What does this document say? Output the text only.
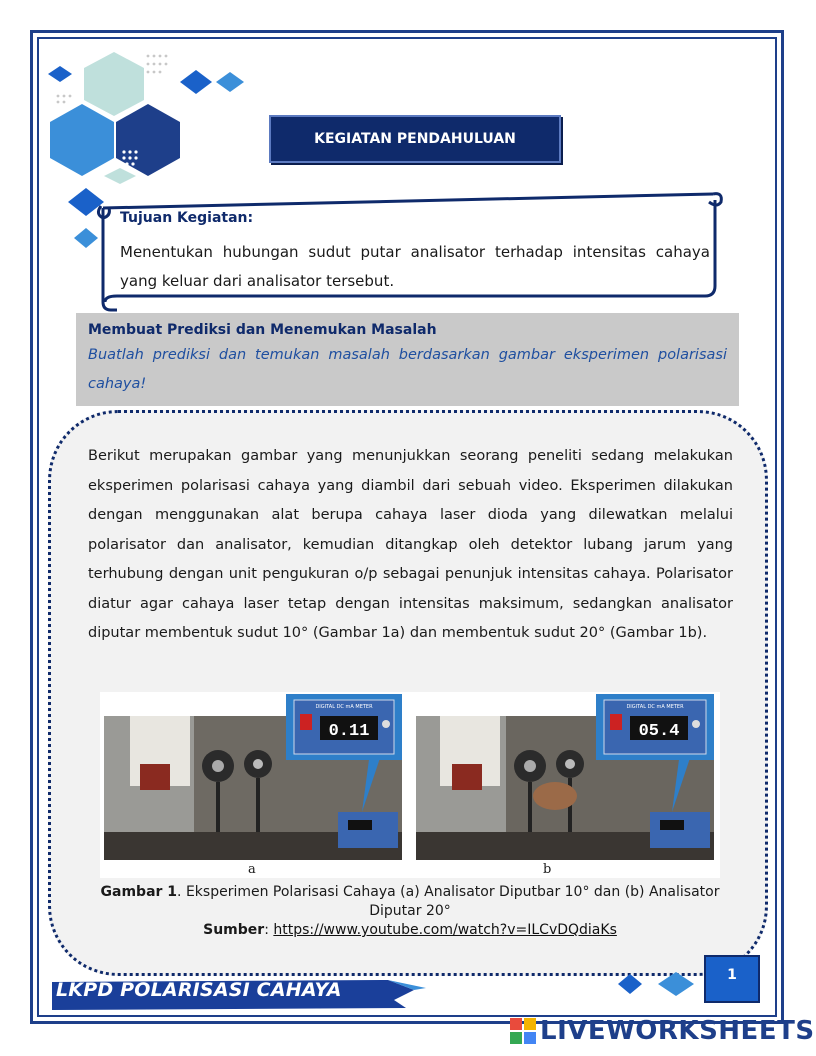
KEGIATAN PENDAHULUAN
Tujuan Kegiatan:
Menentukan hubungan sudut putar analisator terhadap intensitas cahaya yang keluar dari analisator tersebut.
Membuat Prediksi dan Menemukan Masalah
Buatlah prediksi dan temukan masalah berdasarkan gambar eksperimen polarisasi cahaya!
Berikut merupakan gambar yang menunjukkan seorang peneliti sedang melakukan eksperimen polarisasi cahaya yang diambil dari sebuah video. Eksperimen dilakukan dengan menggunakan alat berupa cahaya laser dioda yang dilewatkan melalui polarisator dan analisator, kemudian ditangkap oleh detektor lubang jarum yang terhubung dengan unit pengukuran o/p sebagai penunjuk intensitas cahaya. Polarisator diatur agar cahaya laser tetap dengan intensitas maksimum, sedangkan analisator diputar membentuk sudut 10° (Gambar 1a) dan membentuk sudut 20° (Gambar 1b).
DIGITAL DC mA METER
0.11
DIGITAL DC mA METER
05.4
a	b
Gambar 1. Eksperimen Polarisasi Cahaya (a) Analisator Diputbar 10° dan (b) Analisator Diputar 20°
Sumber: https://www.youtube.com/watch?v=ILCvDQdiaKs
LKPD POLARISASI CAHAYA
1
LIVEWORKSHEETS
